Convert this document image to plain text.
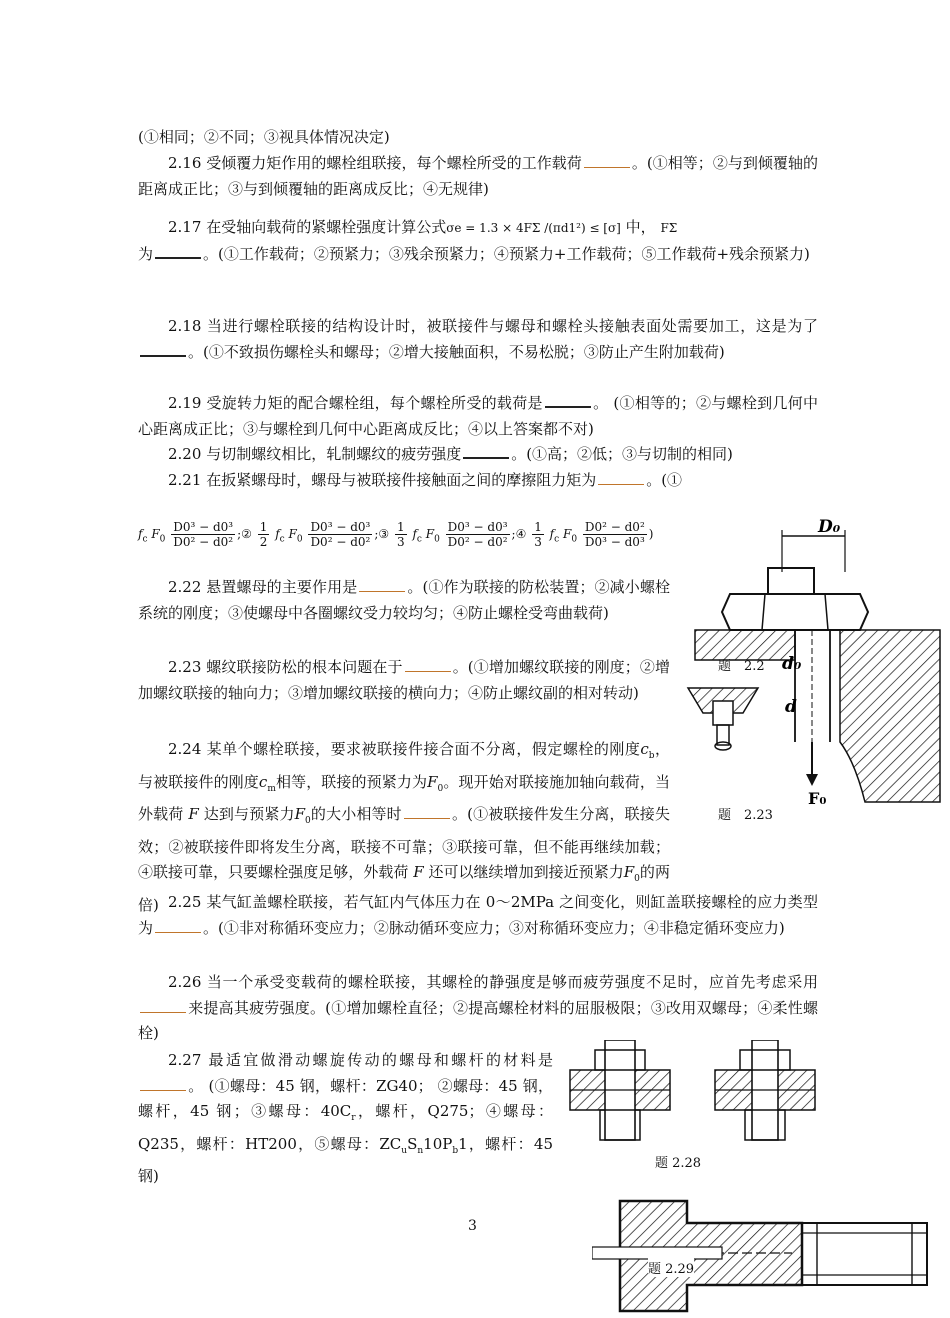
(①相同；②不同；③视具体情况决定)

2.16 受倾覆力矩作用的螺栓组联接，每个螺栓所受的工作载荷	。(①相等；②与到倾覆轴的距离成正比；③与到倾覆轴的距离成反比；④无规律)

2.17 在受轴向载荷的紧螺栓强度计算公式σe = 1.3 × 4FΣ /(πd1²) ≤ [σ] 中， FΣ
为	。(①工作载荷；②预紧力；③残余预紧力；④预紧力+工作载荷；⑤工作载荷+残余预紧力)

2.18 当进行螺栓联接的结构设计时，被联接件与螺母和螺栓头接触表面处需要加工，这是为了。(①不致损伤螺栓头和螺母；②增大接触面积，不易松脱；③防止产生附加载荷)

2.19 受旋转力矩的配合螺栓组，每个螺栓所受的载荷是	。 (①相等的；②与螺栓到几何中心距离成正比；③与螺栓到几何中心距离成反比；④以上答案都不对)

2.20 与切制螺纹相比，轧制螺纹的疲劳强度	。(①高；②低；③与切制的相同)

2.21 在扳紧螺母时，螺母与被联接件接触面之间的摩擦阻力矩为	。(①

$f_c$ $F_0 \frac{\text{D0³ − d0³}}{\text{D0² − d0²}}$ ;② $\frac{1}{2} f_c$ $F_0 \frac{\text{D0³ − d0³}}{\text{D0² − d0²}}$ ;③ $\frac{1}{3} f_c$ $F_0 \frac{\text{D0³ − d0³}}{\text{D0² − d0²}}$ ;④ $\frac{1}{3} f_c$ $F_0 \frac{\text{D0² − d0²}}{\text{D0³ − d0³}}$ )

2.22 悬置螺母的主要作用是	。(①作为联接的防松装置；②减小螺栓系统的刚度；③使螺母中各圈螺纹受力较均匀；④防止螺栓受弯曲载荷)

2.23 螺纹联接防松的根本问题在于	。(①增加螺纹联接的刚度；②增加螺纹联接的轴向力；③增加螺纹联接的横向力；④防止螺纹副的相对转动)

2.24 某单个螺栓联接，要求被联接件接合面不分离，假定螺栓的刚度$c_b$，与被联接件的刚度$c_m$相等，联接的预紧力为$F_0$。现开始对联接施加轴向载荷，当外载荷 F 达到与预紧力$F_0$的大小相等时	。(①被联接件发生分离，联接失效；②被联接件即将发生分离，联接不可靠；③联接可靠，但不能再继续加载；④联接可靠，只要螺栓强度足够，外载荷 F 还可以继续增加到接近预紧力$F_0$的两倍) 2.25 某气缸盖螺栓联接，若气缸内气体压力在 0～2MPa 之间变化，则缸盖联接螺栓的应力类型为	。(①非对称循环变应力；②脉动循环变应力；③对称循环变应力；④非稳定循环变应力)

2.26 当一个承受变载荷的螺栓联接，其螺栓的静强度是够而疲劳强度不足时，应首先考虑采用来提高其疲劳强度。(①增加螺栓直径；②提高螺栓材料的屈服极限；③改用双螺母；④柔性螺栓)

2.27 最适宜做滑动螺旋传动的螺母和螺杆的材料是。 (①螺母：45 钢，螺杆：ZG40； ②螺母：45 钢，螺杆，45 钢；③螺母：$40C_r$，螺杆，Q275；④螺母：Q235，螺杆：HT200，⑤螺母：$ZC_uS_n10P_b1$，螺杆：45 钢)

D₀
d₀
d
F₀
题　2.2
题　2.23
题 2.28
题 2.29
3
